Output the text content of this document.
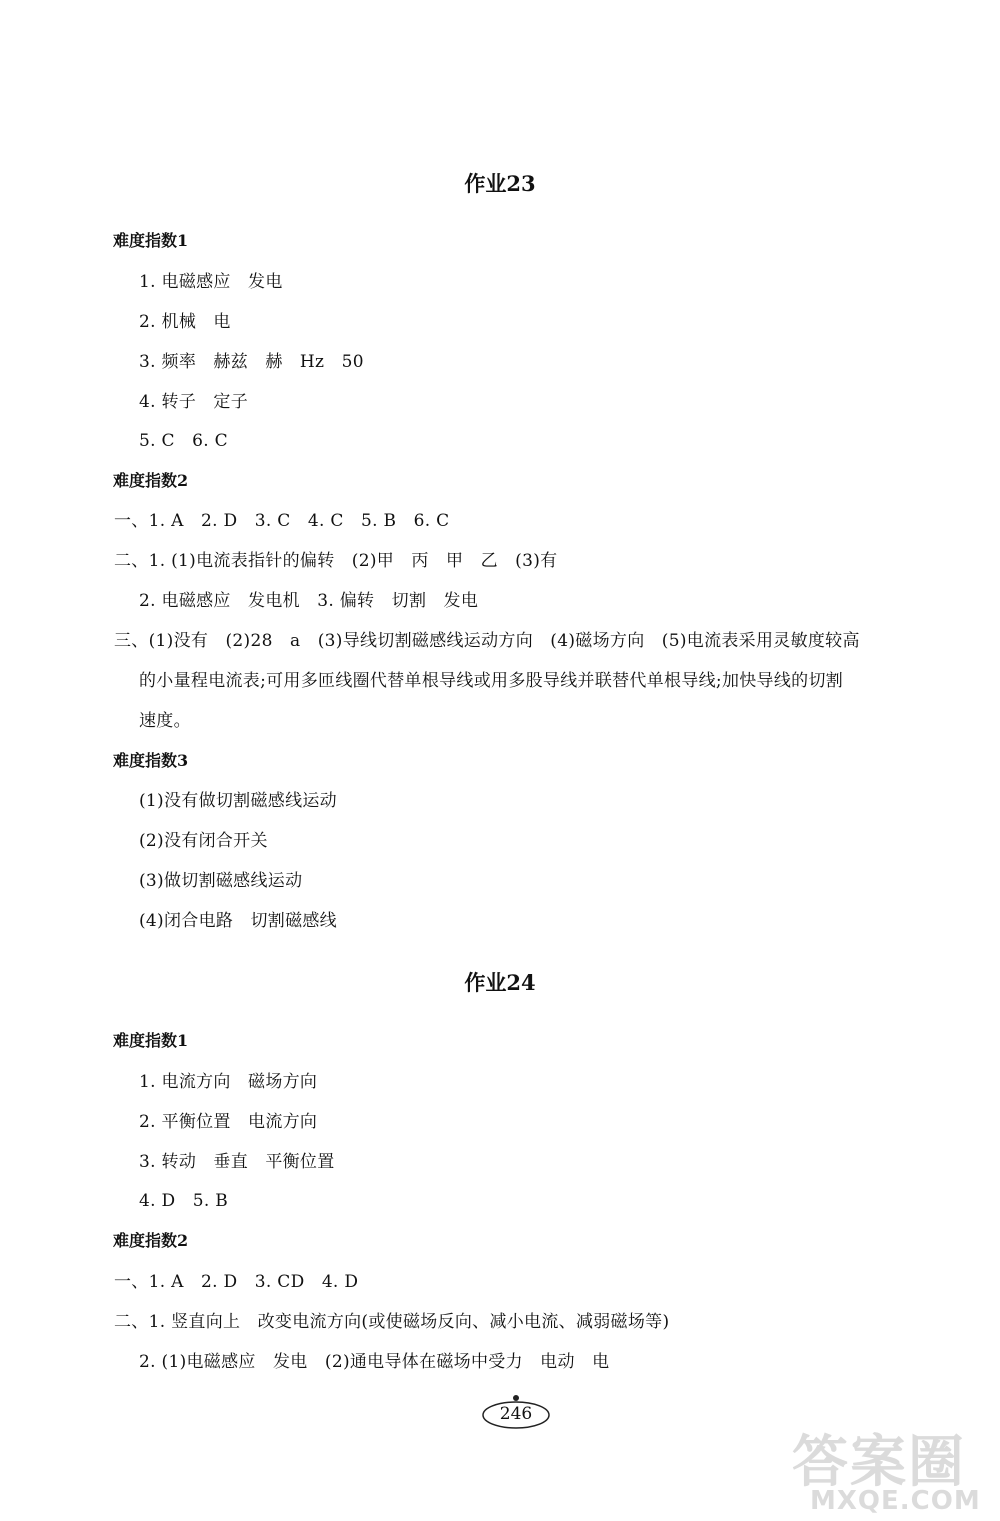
作业23
难度指数1

1. 电磁感应　发电

2. 机械　电

3. 频率　赫兹　赫　Hz　50

4. 转子　定子

5. C　6. C

难度指数2

一、1. A　2. D　3. C　4. C　5. B　6. C

二、1. (1)电流表指针的偏转　(2)甲　丙　甲　乙　(3)有

2. 电磁感应　发电机　3. 偏转　切割　发电

三、(1)没有　(2)28　a　(3)导线切割磁感线运动方向　(4)磁场方向　(5)电流表采用灵敏度较高

的小量程电流表;可用多匝线圈代替单根导线或用多股导线并联替代单根导线;加快导线的切割

速度。

难度指数3

(1)没有做切割磁感线运动

(2)没有闭合开关

(3)做切割磁感线运动

(4)闭合电路　切割磁感线

作业24
难度指数1

1. 电流方向　磁场方向

2. 平衡位置　电流方向

3. 转动　垂直　平衡位置

4. D　5. B

难度指数2

一、1. A　2. D　3. CD　4. D

二、1. 竖直向上　改变电流方向(或使磁场反向、减小电流、减弱磁场等)

2. (1)电磁感应　发电　(2)通电导体在磁场中受力　电动　电

246
答案圈
MXQE.COM
